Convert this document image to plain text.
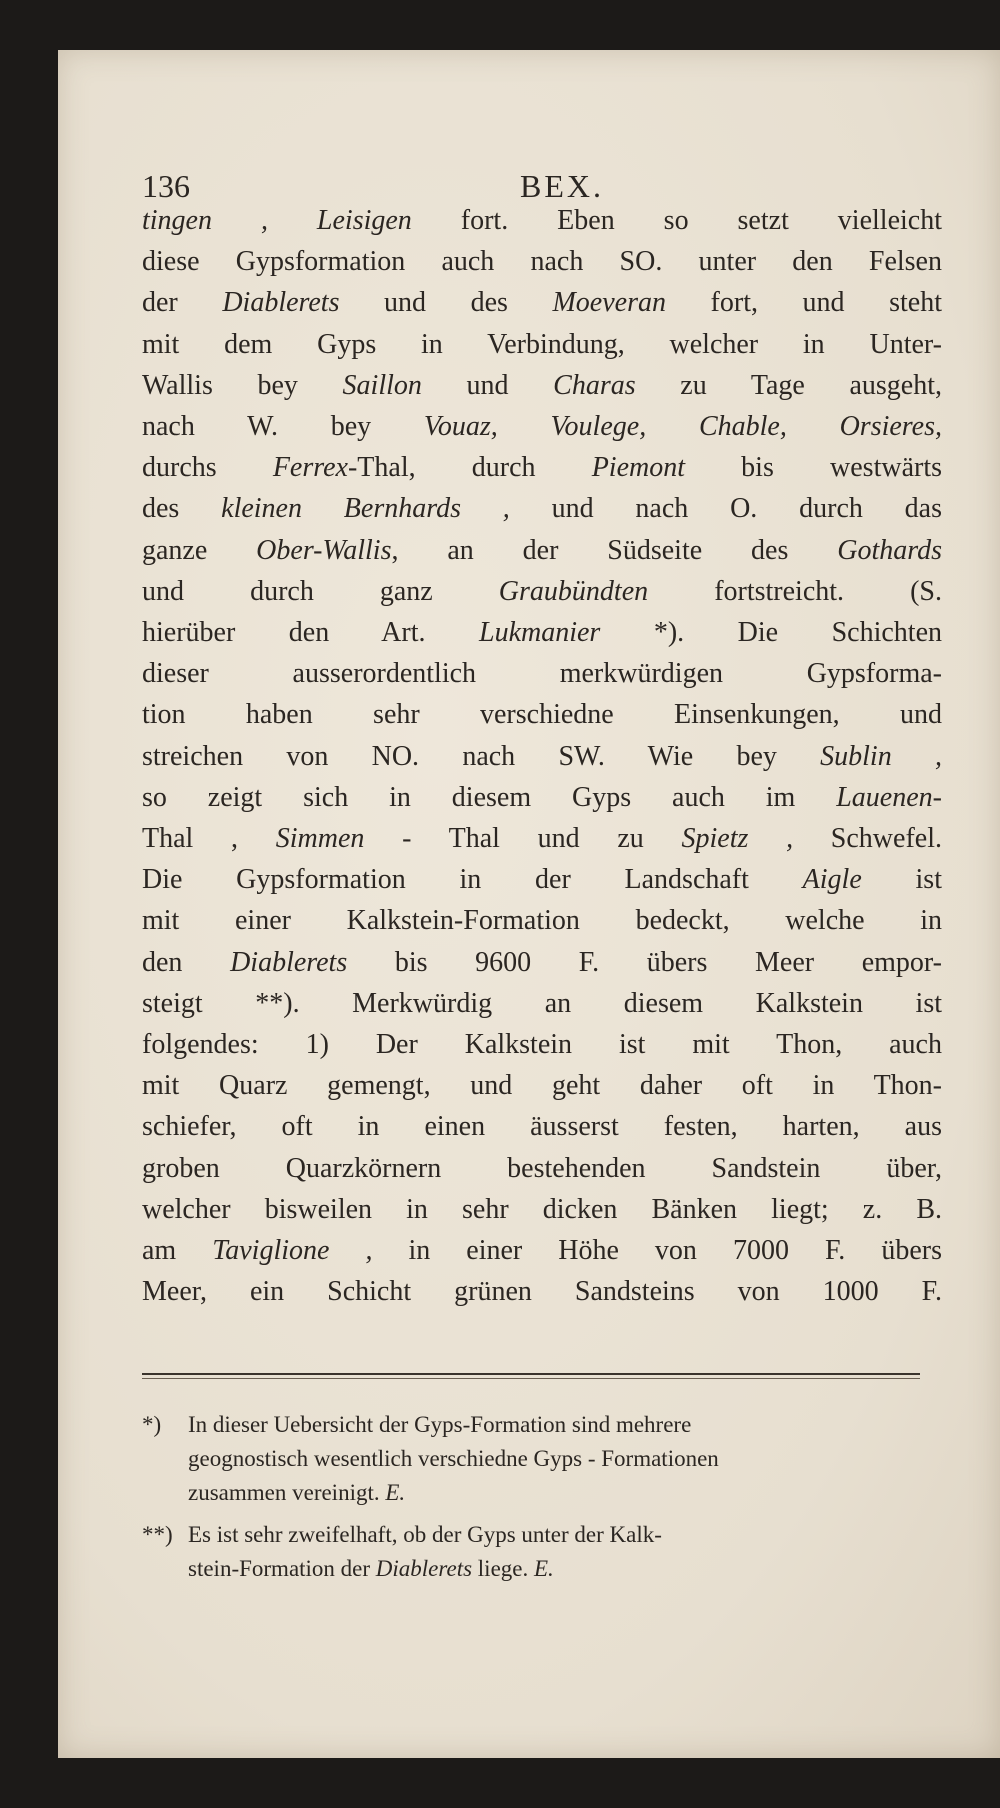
136	BEX.
tingen , Leisigen fort. Eben so setzt vielleicht
diese Gypsformation auch nach SO. unter den Felsen
der Diablerets und des Moeveran fort, und steht
mit dem Gyps in Verbindung, welcher in Unter-
Wallis bey Saillon und Charas zu Tage ausgeht,
nach W. bey Vouaz, Voulege, Chable, Orsieres,
durchs Ferrex-Thal, durch Piemont bis westwärts
des kleinen Bernhards , und nach O. durch das
ganze Ober-Wallis, an der Südseite des Gothards
und durch ganz Graubündten fortstreicht. (S.
hierüber den Art. Lukmanier *). Die Schichten
dieser ausserordentlich merkwürdigen Gypsforma-
tion haben sehr verschiedne Einsenkungen, und
streichen von NO. nach SW. Wie bey Sublin ,
so zeigt sich in diesem Gyps auch im Lauenen-
Thal , Simmen - Thal und zu Spietz , Schwefel.
Die Gypsformation in der Landschaft Aigle ist
mit einer Kalkstein-Formation bedeckt, welche in
den Diablerets bis 9600 F. übers Meer empor-
steigt **). Merkwürdig an diesem Kalkstein ist
folgendes: 1) Der Kalkstein ist mit Thon, auch
mit Quarz gemengt, und geht daher oft in Thon-
schiefer, oft in einen äusserst festen, harten, aus
groben Quarzkörnern bestehenden Sandstein über,
welcher bisweilen in sehr dicken Bänken liegt; z. B.
am Taviglione , in einer Höhe von 7000 F. übers
Meer, ein Schicht grünen Sandsteins von 1000 F.
*) In dieser Uebersicht der Gyps-Formation sind mehrere
geognostisch wesentlich verschiedne Gyps - Formationen
zusammen vereinigt. E.
**) Es ist sehr zweifelhaft, ob der Gyps unter der Kalk-
stein-Formation der Diablerets liege. E.
